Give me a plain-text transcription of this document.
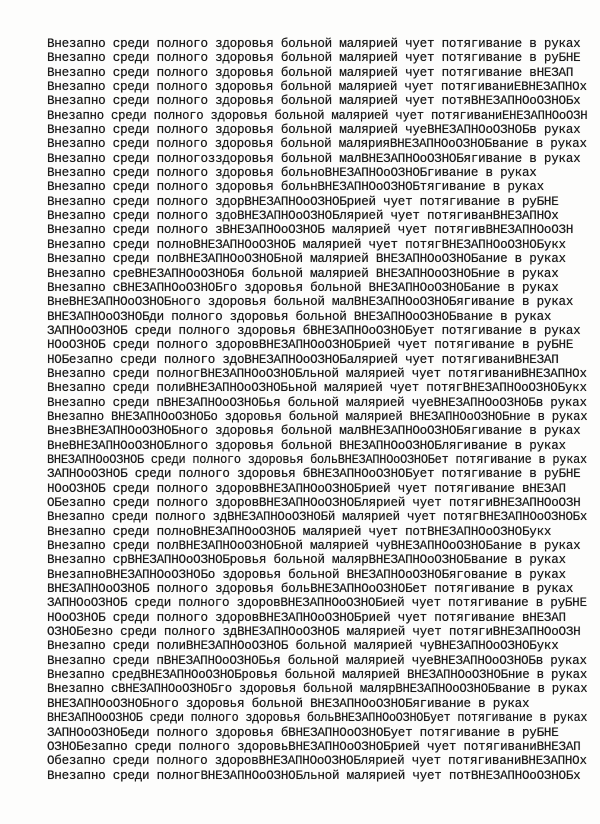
Внезапно среди полного здоровья больной малярией чует потягивание в руках
Внезапно среди полного здоровья больной малярией чует потягивание в руБНЕ
Внезапно среди полного здоровья больной малярией чует потягивание вНЕЗАП
Внезапно среди полного здоровья больной малярией чует потягиваниЕВНЕЗАПНОх
Внезапно среди полного здоровья больной малярией чует потяВНЕЗАПНОоОЗНОБх
Внезапно среди полного здоровья больной малярией чует потягиваниЕНЕЗАПНОоОЗН
Внезапно среди полного здоровья больной малярией чуеВНЕЗАПНОоОЗНОБв руках
Внезапно среди полного здоровья больной малярияВНЕЗАПНОоОЗНОБвание в руках
Внезапно среди полногозздоровья больной малВНЕЗАПНОоОЗНОБягивание в руках
Внезапно среди полного здоровья больноВНЕЗАПНОоОЗНОБгивание в руках
Внезапно среди полного здоровья больнВНЕЗАПНОоОЗНОБтягивание в руках
Внезапно среди полного здорВНЕЗАПНОоОЗНОБрией чует потягивание в руБНЕ
Внезапно среди полного здоВНЕЗАПНОоОЗНОБлярией чует потягиванВНЕЗАПНОх
Внезапно среди полного зВНЕЗАПНОоОЗНОБ малярией чует потягивВНЕЗАПНОоОЗН
Внезапно среди полноВНЕЗАПНОоОЗНОБ малярией чует потягВНЕЗАПНОоОЗНОБукх
Внезапно среди полВНЕЗАПНОоОЗНОБной малярией ВНЕЗАПНОоОЗНОБание в руках
Внезапно среВНЕЗАПНОоОЗНОБя больной малярией ВНЕЗАПНОоОЗНОБние в руках
Внезапно сВНЕЗАПНОоОЗНОБго здоровья больной ВНЕЗАПНОоОЗНОБание в руках
ВнеВНЕЗАПНОоОЗНОБного здоровья больной малВНЕЗАПНОоОЗНОБягивание в руках
ВНЕЗАПНОоОЗНОБди полного здоровья больной ВНЕЗАПНОоОЗНОБвание в руках
ЗАПНОоОЗНОБ среди полного здоровья бВНЕЗАПНОоОЗНОБует потягивание в руках
НОоОЗНОБ среди полного здоровВНЕЗАПНОоОЗНОБрией чует потягивание в руБНЕ
НОБезапно среди полного здоВНЕЗАПНОоОЗНОБалярией чует потягиваниВНЕЗАП
Внезапно среди полногВНЕЗАПНОоОЗНОБльной малярией чует потягиваниВНЕЗАПНОх
Внезапно среди полиВНЕЗАПНОоОЗНОБьной малярией чует потягВНЕЗАПНОоОЗНОБукх
Внезапно среди пВНЕЗАПНОоОЗНОБья больной малярией чуеВНЕЗАПНОоОЗНОБв руках
Внезапно ВНЕЗАПНОоОЗНОБо здоровья больной малярией ВНЕЗАПНОоОЗНОБние в руках
ВнезВНЕЗАПНОоОЗНОБного здоровья больной малВНЕЗАПНОоОЗНОБягивание в руках
ВнеВНЕЗАПНОоОЗНОБлного здоровья больной ВНЕЗАПНОоОЗНОБлягивание в руках
ВНЕЗАПНОоОЗНОБ среди полного здоровья больВНЕЗАПНОоОЗНОБет потягивание в руках
ЗАПНОоОЗНОБ среди полного здоровья бВНЕЗАПНОоОЗНОБует потягивание в руБНЕ
НОоОЗНОБ среди полного здоровВНЕЗАПНОоОЗНОБрией чует потягивание вНЕЗАП
ОБезапно среди полного здоровВНЕЗАПНОоОЗНОБлярией чует потягиВНЕЗАПНОоОЗН
Внезапно среди полного здВНЕЗАПНОоОЗНОБй малярией чует потягВНЕЗАПНОоОЗНОБх
Внезапно среди полноВНЕЗАПНОоОЗНОБ малярией чует потВНЕЗАПНОоОЗНОБукх
Внезапно среди полВНЕЗАПНОоОЗНОБной малярией чуВНЕЗАПНОоОЗНОБание в руках
Внезапно срВНЕЗАПНОоОЗНОБровья больной малярВНЕЗАПНОоОЗНОБвание в руках
ВнезапноВНЕЗАПНОоОЗНОБо здоровья больной ВНЕЗАПНОоОЗНОБягование в руках
ВНЕЗАПНОоОЗНОБ полного здоровья больВНЕЗАПНОоОЗНОБет потягивание в руках
ЗАПНОоОЗНОБ среди полного здоровВНЕЗАПНОоОЗНОБией чует потягивание в руБНЕ
НОоОЗНОБ среди полного здоровВНЕЗАПНОоОЗНОБрией чует потягивание вНЕЗАП
ОЗНОБезно среди полного здВНЕЗАПНОоОЗНОБ малярией чует потягиВНЕЗАПНОоОЗН
Внезапно среди полиВНЕЗАПНОоОЗНОБ больной малярией чуВНЕЗАПНОоОЗНОБукх
Внезапно среди пВНЕЗАПНОоОЗНОБья больной малярией чуеВНЕЗАПНОоОЗНОБв руках
Внезапно средВНЕЗАПНОоОЗНОБровья больной малярией ВНЕЗАПНОоОЗНОБние в руках
Внезапно сВНЕЗАПНОоОЗНОБго здоровья больной малярВНЕЗАПНОоОЗНОБвание в руках
ВНЕЗАПНОоОЗНОБного здоровья больной ВНЕЗАПНОоОЗНОБягивание в руках
ВНЕЗАПНОоОЗНОБ среди полного здоровья больВНЕЗАПНОоОЗНОБует потягивание в руках
ЗАПНОоОЗНОБеди полного здоровья бВНЕЗАПНОоОЗНОБует потягивание в руБНЕ
ОЗНОБезапно среди полного здоровьВНЕЗАПНОоОЗНОБрией чует потягиваниВНЕЗАП
Обезапно среди полного здоровВНЕЗАПНОоОЗНОБлярией чует потягиваниВНЕЗАПНОх
Внезапно среди полногВНЕЗАПНОоОЗНОБльной малярией чует потВНЕЗАПНОоОЗНОБх
